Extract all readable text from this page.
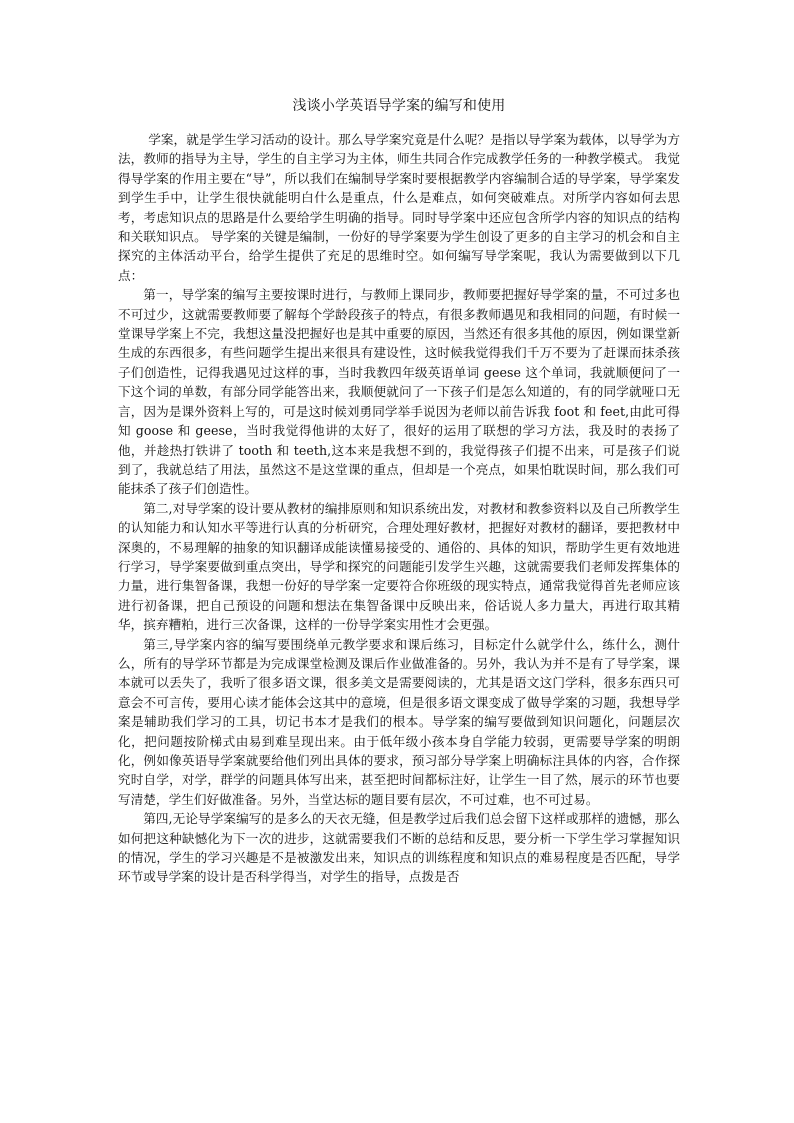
浅谈小学英语导学案的编写和使用

学案，就是学生学习活动的设计。那么导学案究竟是什么呢？是指以导学案为载体，以导学为方法，教师的指导为主导，学生的自主学习为主体，师生共同合作完成教学任务的一种教学模式。 我觉得导学案的作用主要在“导”，所以我们在编制导学案时要根据教学内容编制合适的导学案，导学案发到学生手中，让学生很快就能明白什么是重点，什么是难点，如何突破难点。对所学内容如何去思考，考虑知识点的思路是什么要给学生明确的指导。同时导学案中还应包含所学内容的知识点的结构和关联知识点。 导学案的关键是编制，一份好的导学案要为学生创设了更多的自主学习的机会和自主探究的主体活动平台，给学生提供了充足的思维时空。如何编写导学案呢，我认为需要做到以下几点：

第一，导学案的编写主要按课时进行，与教师上课同步，教师要把握好导学案的量，不可过多也不可过少，这就需要教师要了解每个学龄段孩子的特点，有很多教师遇见和我相同的问题，有时候一堂课导学案上不完，我想这量没把握好也是其中重要的原因，当然还有很多其他的原因，例如课堂新生成的东西很多，有些问题学生提出来很具有建设性，这时候我觉得我们千万不要为了赶课而抹杀孩子们创造性，记得我遇见过这样的事，当时我教四年级英语单词 geese 这个单词，我就顺便问了一下这个词的单数，有部分同学能答出来，我顺便就问了一下孩子们是怎么知道的，有的同学就哑口无言，因为是课外资料上写的，可是这时候刘勇同学举手说因为老师以前告诉我 foot 和 feet,由此可得知 goose 和 geese，当时我觉得他讲的太好了，很好的运用了联想的学习方法，我及时的表扬了他，并趁热打铁讲了 tooth 和 teeth,这本来是我想不到的，我觉得孩子们提不出来，可是孩子们说到了，我就总结了用法，虽然这不是这堂课的重点，但却是一个亮点，如果怕耽误时间，那么我们可能抹杀了孩子们创造性。

第二,对导学案的设计要从教材的编排原则和知识系统出发，对教材和教参资料以及自己所教学生的认知能力和认知水平等进行认真的分析研究，合理处理好教材，把握好对教材的翻译，要把教材中深奥的，不易理解的抽象的知识翻译成能读懂易接受的、通俗的、具体的知识，帮助学生更有效地进行学习，导学案要做到重点突出，导学和探究的问题能引发学生兴趣，这就需要我们老师发挥集体的力量，进行集智备课，我想一份好的导学案一定要符合你班级的现实特点，通常我觉得首先老师应该进行初备课，把自己预设的问题和想法在集智备课中反映出来，俗话说人多力量大，再进行取其精华，摈弃糟粕，进行三次备课，这样的一份导学案实用性才会更强。

第三,导学案内容的编写要围绕单元教学要求和课后练习，目标定什么就学什么，练什么，测什么，所有的导学环节都是为完成课堂检测及课后作业做准备的。另外，我认为并不是有了导学案，课本就可以丢失了，我听了很多语文课，很多美文是需要阅读的，尤其是语文这门学科，很多东西只可意会不可言传，要用心读才能体会这其中的意境，但是很多语文课变成了做导学案的习题，我想导学案是辅助我们学习的工具，切记书本才是我们的根本。导学案的编写要做到知识问题化，问题层次化，把问题按阶梯式由易到难呈现出来。由于低年级小孩本身自学能力较弱，更需要导学案的明朗化，例如像英语导学案就要给他们列出具体的要求，预习部分导学案上明确标注具体的内容，合作探究时自学，对学，群学的问题具体写出来，甚至把时间都标注好，让学生一目了然，展示的环节也要写清楚，学生们好做准备。另外，当堂达标的题目要有层次，不可过难，也不可过易。

第四,无论导学案编写的是多么的天衣无缝，但是教学过后我们总会留下这样或那样的遗憾，那么如何把这种缺憾化为下一次的进步，这就需要我们不断的总结和反思，要分析一下学生学习掌握知识的情况，学生的学习兴趣是不是被激发出来，知识点的训练程度和知识点的难易程度是否匹配，导学环节或导学案的设计是否科学得当，对学生的指导，点拨是否
